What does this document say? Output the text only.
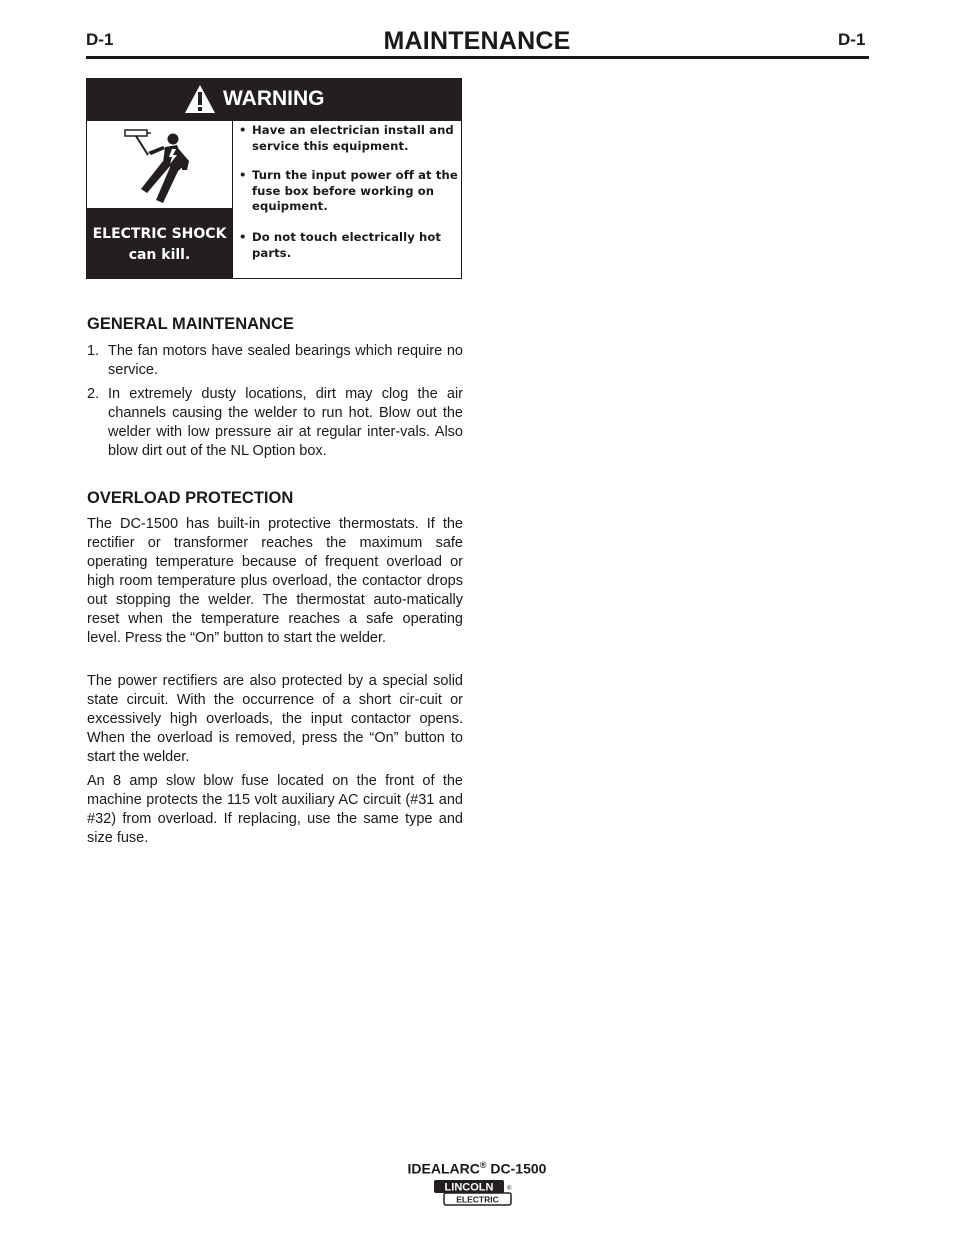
D-1	MAINTENANCE	D-1
WARNING
ELECTRIC SHOCK
can kill.
• Have an electrician install and service this equipment.
• Turn the input power off at the fuse box before working on equipment.
• Do not touch electrically hot parts.
GENERAL MAINTENANCE
1. The fan motors have sealed bearings which require no service.
2. In extremely dusty locations, dirt may clog the air channels causing the welder to run hot. Blow out the welder with low pressure air at regular inter-vals. Also blow dirt out of the NL Option box.
OVERLOAD PROTECTION

The DC-1500 has built-in protective thermostats. If the rectifier or transformer reaches the maximum safe operating temperature because of frequent overload or high room temperature plus overload, the contactor drops out stopping the welder. The thermostat auto-matically reset when the temperature reaches a safe operating level. Press the “On” button to start the welder.

The power rectifiers are also protected by a special solid state circuit. With the occurrence of a short cir-cuit or excessively high overloads, the input contactor opens. When the overload is removed, press the “On” button to start the welder.

An 8 amp slow blow fuse located on the front of the machine protects the 115 volt auxiliary AC circuit (#31 and #32) from overload. If replacing, use the same type and size fuse.

IDEALARC® DC-1500
LINCOLN
ELECTRIC
®
